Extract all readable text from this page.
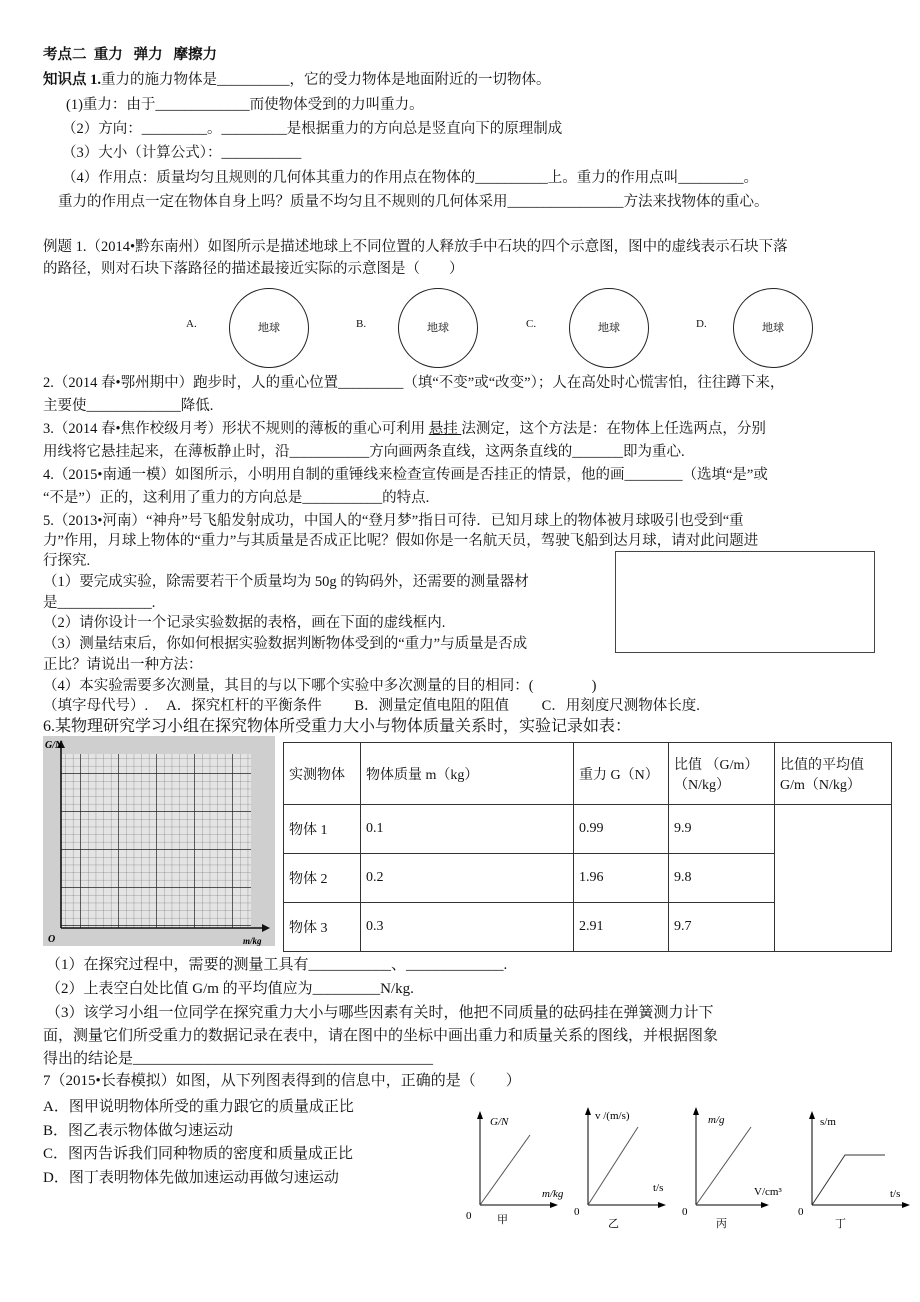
考点二  重力   弹力   摩擦力
知识点 1.重力的施力物体是__________，它的受力物体是地面附近的一切物体。
(1)重力：由于_____________而使物体受到的力叫重力。
（2）方向：_________。_________是根据重力的方向总是竖直向下的原理制成
（3）大小（计算公式）：___________
（4）作用点：质量均匀且规则的几何体其重力的作用点在物体的__________上。重力的作用点叫_________。
重力的作用点一定在物体自身上吗？质量不均匀且不规则的几何体采用________________方法来找物体的重心。
例题 1.（2014•黔东南州）如图所示是描述地球上不同位置的人释放手中石块的四个示意图，图中的虚线表示石块下落
的路径，则对石块下落路径的描述最接近实际的示意图是（　　）
A.	地球	B.	地球	C.	地球	D.	地球
2.（2014 春•鄂州期中）跑步时，人的重心位置_________（填“不变”或“改变”）；人在高处时心慌害怕，往往蹲下来，
主要使_____________降低.
3.（2014 春•焦作校级月考）形状不规则的薄板的重心可利用 悬挂 法测定，这个方法是：在物体上任选两点，分别
用线将它悬挂起来，在薄板静止时，沿___________方向画两条直线，这两条直线的_______即为重心.
4.（2015•南通一模）如图所示，小明用自制的重锤线来检查宣传画是否挂正的情景，他的画________（选填“是”或
“不是”）正的，这利用了重力的方向总是___________的特点.
5.（2013•河南）“神舟”号飞船发射成功，中国人的“登月梦”指日可待．已知月球上的物体被月球吸引也受到“重
力”作用，月球上物体的“重力”与其质量是否成正比呢？假如你是一名航天员，驾驶飞船到达月球，请对此问题进
行探究.
（1）要完成实验，除需要若干个质量均为 50g 的钩码外，还需要的测量器材
是_____________.
（2）请你设计一个记录实验数据的表格，画在下面的虚线框内.
（3）测量结束后，你如何根据实验数据判断物体受到的“重力”与质量是否成
正比？请说出一种方法：
（4）本实验需要多次测量，其目的与以下哪个实验中多次测量的目的相同：(　　　　)
（填字母代号）.　 A．探究杠杆的平衡条件　　 B．测量定值电阻的阻值　　 C．用刻度尺测物体长度.
6.某物理研究学习小组在探究物体所受重力大小与物体质量关系时，实验记录如表：
G/N
m/kg
O
实测物体	物体质量 m（kg）	重力 G（N）	比值 （G/m）（N/kg）	比值的平均值 G/m（N/kg）
物体 1	0.1	0.99	9.9	
物体 2	0.2	1.96	9.8	
物体 3	0.3	2.91	9.7	
（1）在探究过程中，需要的测量工具有___________、_____________.
（2）上表空白处比值 G/m 的平均值应为_________N/kg.
（3）该学习小组一位同学在探究重力大小与哪些因素有关时，他把不同质量的砝码挂在弹簧测力计下
面，测量它们所受重力的数据记录在表中，请在图中的坐标中画出重力和质量关系的图线，并根据图象
得出的结论是________________________________________
7（2015•长春模拟）如图，从下列图表得到的信息中，正确的是（　　）
A．图甲说明物体所受的重力跟它的质量成正比
B．图乙表示物体做匀速运动
C．图丙告诉我们同种物质的密度和质量成正比
D．图丁表明物体先做加速运动再做匀速运动
G/N
m/kg
0 甲
v /(m/s)
t/s
0
乙
m/g
V/cm³
0
丙
s/m
t/s
0
丁
